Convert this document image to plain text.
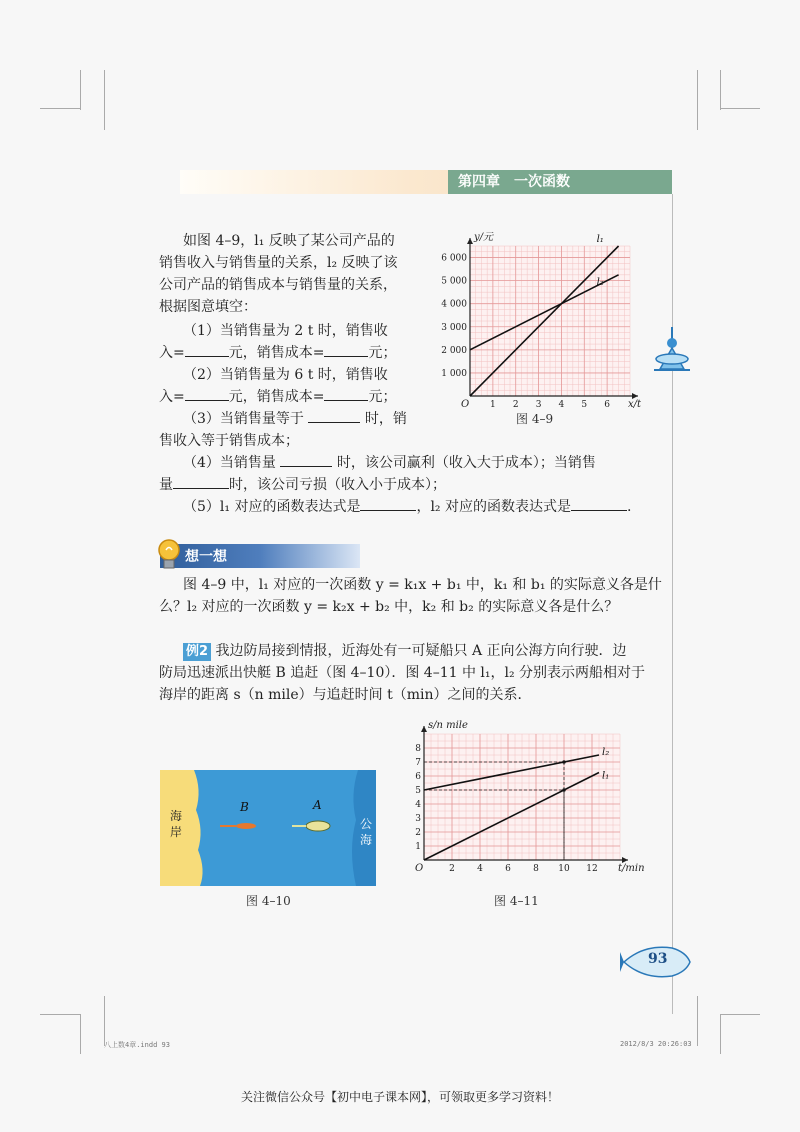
第四章　一次函数

如图 4–9，l₁ 反映了某公司产品的

销售收入与销售量的关系，l₂ 反映了该

公司产品的销售成本与销售量的关系，

根据图意填空：

（1）当销售量为 2 t 时，销售收

入=	元，销售成本=	元；

（2）当销售量为 6 t 时，销售收

入=	元，销售成本=	元；

（3）当销售量等于	时，销

售收入等于销售成本；

（4）当销售量	时，该公司赢利（收入大于成本）；当销售

量	时，该公司亏损（收入小于成本）；

（5）l₁ 对应的函数表达式是	，l₂ 对应的函数表达式是	.

1 2 3 4 5 6
1 000
2 000
3 000
4 000
5 000
6 000
O
y/元
x/t
l₁
l₂
图 4–9
想一想

图 4–9 中，l₁ 对应的一次函数 y = k₁x + b₁ 中，k₁ 和 b₁ 的实际意义各是什

么？l₂ 对应的一次函数 y = k₂x + b₂ 中，k₂ 和 b₂ 的实际意义各是什么？

例2 我边防局接到情报，近海处有一可疑船只 A 正向公海方向行驶．边

防局迅速派出快艇 B 追赶（图 4–10）．图 4–11 中 l₁，l₂ 分别表示两船相对于

海岸的距离 s（n mile）与追赶时间 t（min）之间的关系．

海岸
公海
B	A
图 4–10
2 4 6 8 10 12
1
2
3
4
5
6
7
8
O
s/n mile
t/min
l₂
l₁
图 4–11
93
八上数4章.indd 93	2012/8/3 20:26:03
关注微信公众号【初中电子课本网】，可领取更多学习资料！
